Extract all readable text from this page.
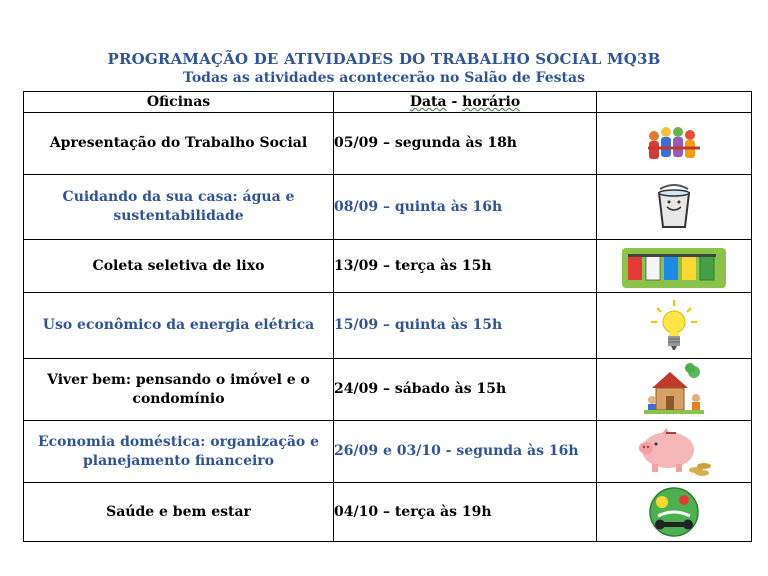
PROGRAMAÇÃO DE ATIVIDADES DO TRABALHO SOCIAL MQ3B
Todas as atividades acontecerão no Salão de Festas
Oficinas	Data - horário	
Apresentação do Trabalho Social	05/09 – segunda às 18h	
Cuidando da sua casa: água e sustentabilidade	08/09 – quinta às 16h	
Coleta seletiva de lixo	13/09 – terça às 15h	
Uso econômico da energia elétrica	15/09 – quinta às 15h	
Viver bem: pensando o imóvel e o condomínio	24/09 – sábado às 15h	
Economia doméstica: organização e planejamento financeiro	26/09 e 03/10 - segunda às 16h	
Saúde e bem estar	04/10 – terça às 19h	
